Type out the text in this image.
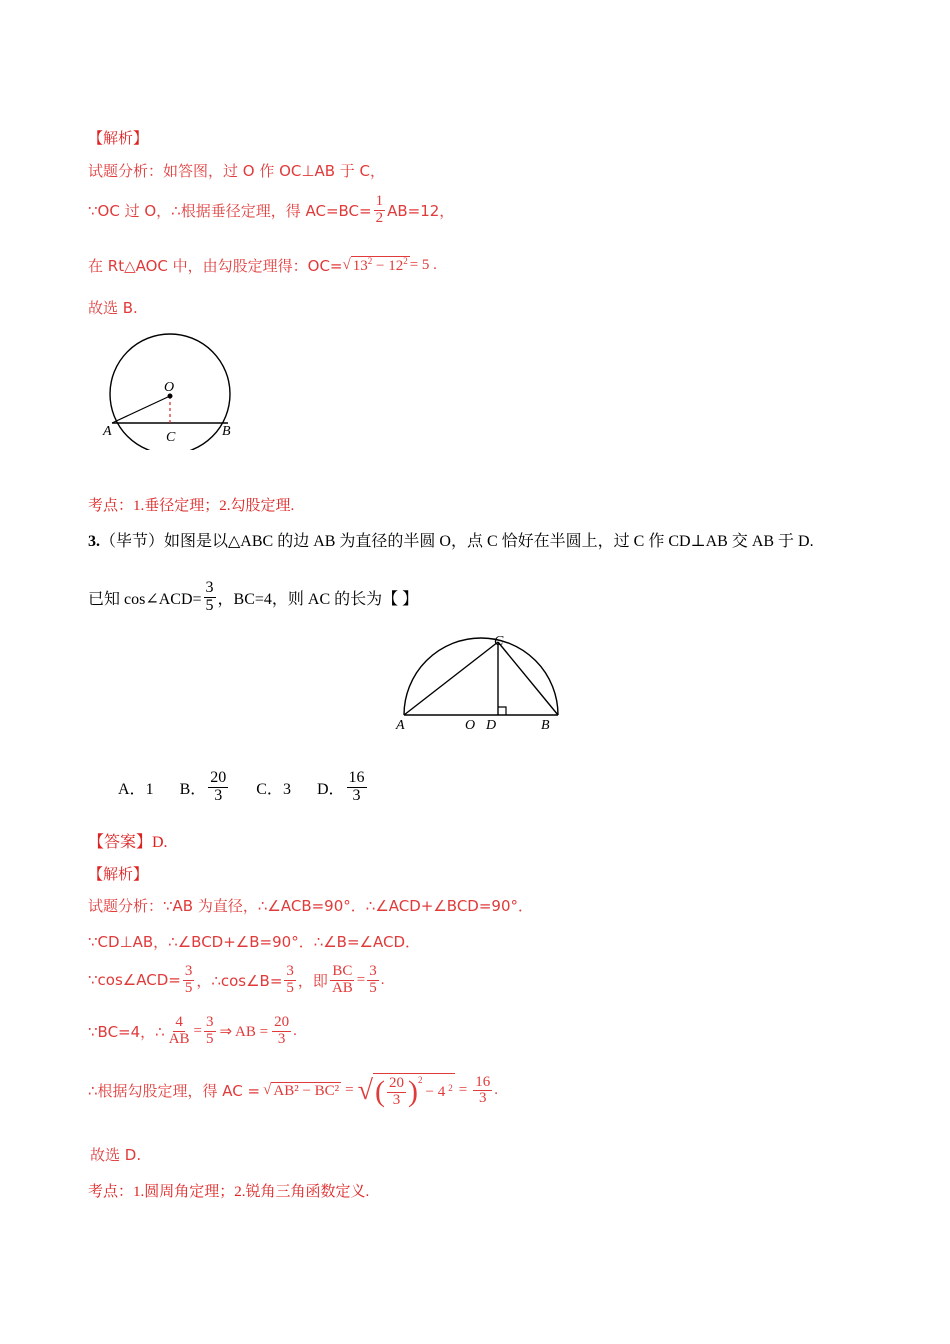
【解析】
试题分析：如答图，过 O 作 OC⊥AB 于 C，
∵OC 过 O，∴根据垂径定理，得 $AC=BC= \frac{1}{2} AB=12$，
在 Rt△AOC 中，由勾股定理得：OC= √ $13^2 - 12^2 = 5$ .
故选 B.
O
A	B
C
考点：1.垂径定理；2.勾股定理.
3.（毕节）如图是以△ABC 的边 AB 为直径的半圆 O，点 C 恰好在半圆上，过 C 作 CD⊥AB 交 AB 于 D.
已知 cos∠ACD= $\frac{3}{5}$ ，BC=4，则 AC 的长为【 】
A	B
C
O D
A．1 B． $\frac{20}{3}$ C．3 D． $\frac{16}{3}$
【答案】D.
【解析】
试题分析：∵AB 为直径，∴∠ACB=90°．∴∠ACD+∠BCD=90°．
∵CD⊥AB，∴∠BCD+∠B=90°．∴∠B=∠ACD．
∵cos∠ACD= $\frac{3}{5}$ ，∴cos∠B= $\frac{3}{5}$ ，即 $\frac{BC}{AB} = \frac{3}{5}$ .
∵BC=4，∴ $\frac{4}{AB} = \frac{3}{5}$ ⇒ AB = $\frac{20}{3}$ .
∴根据勾股定理，得 AC = √ AB² − BC² = √ ( $\frac{20}{3} )^2$
− 4 $^2 = \frac{16}{3}$ .
故选 D.
考点：1.圆周角定理；2.锐角三角函数定义.
